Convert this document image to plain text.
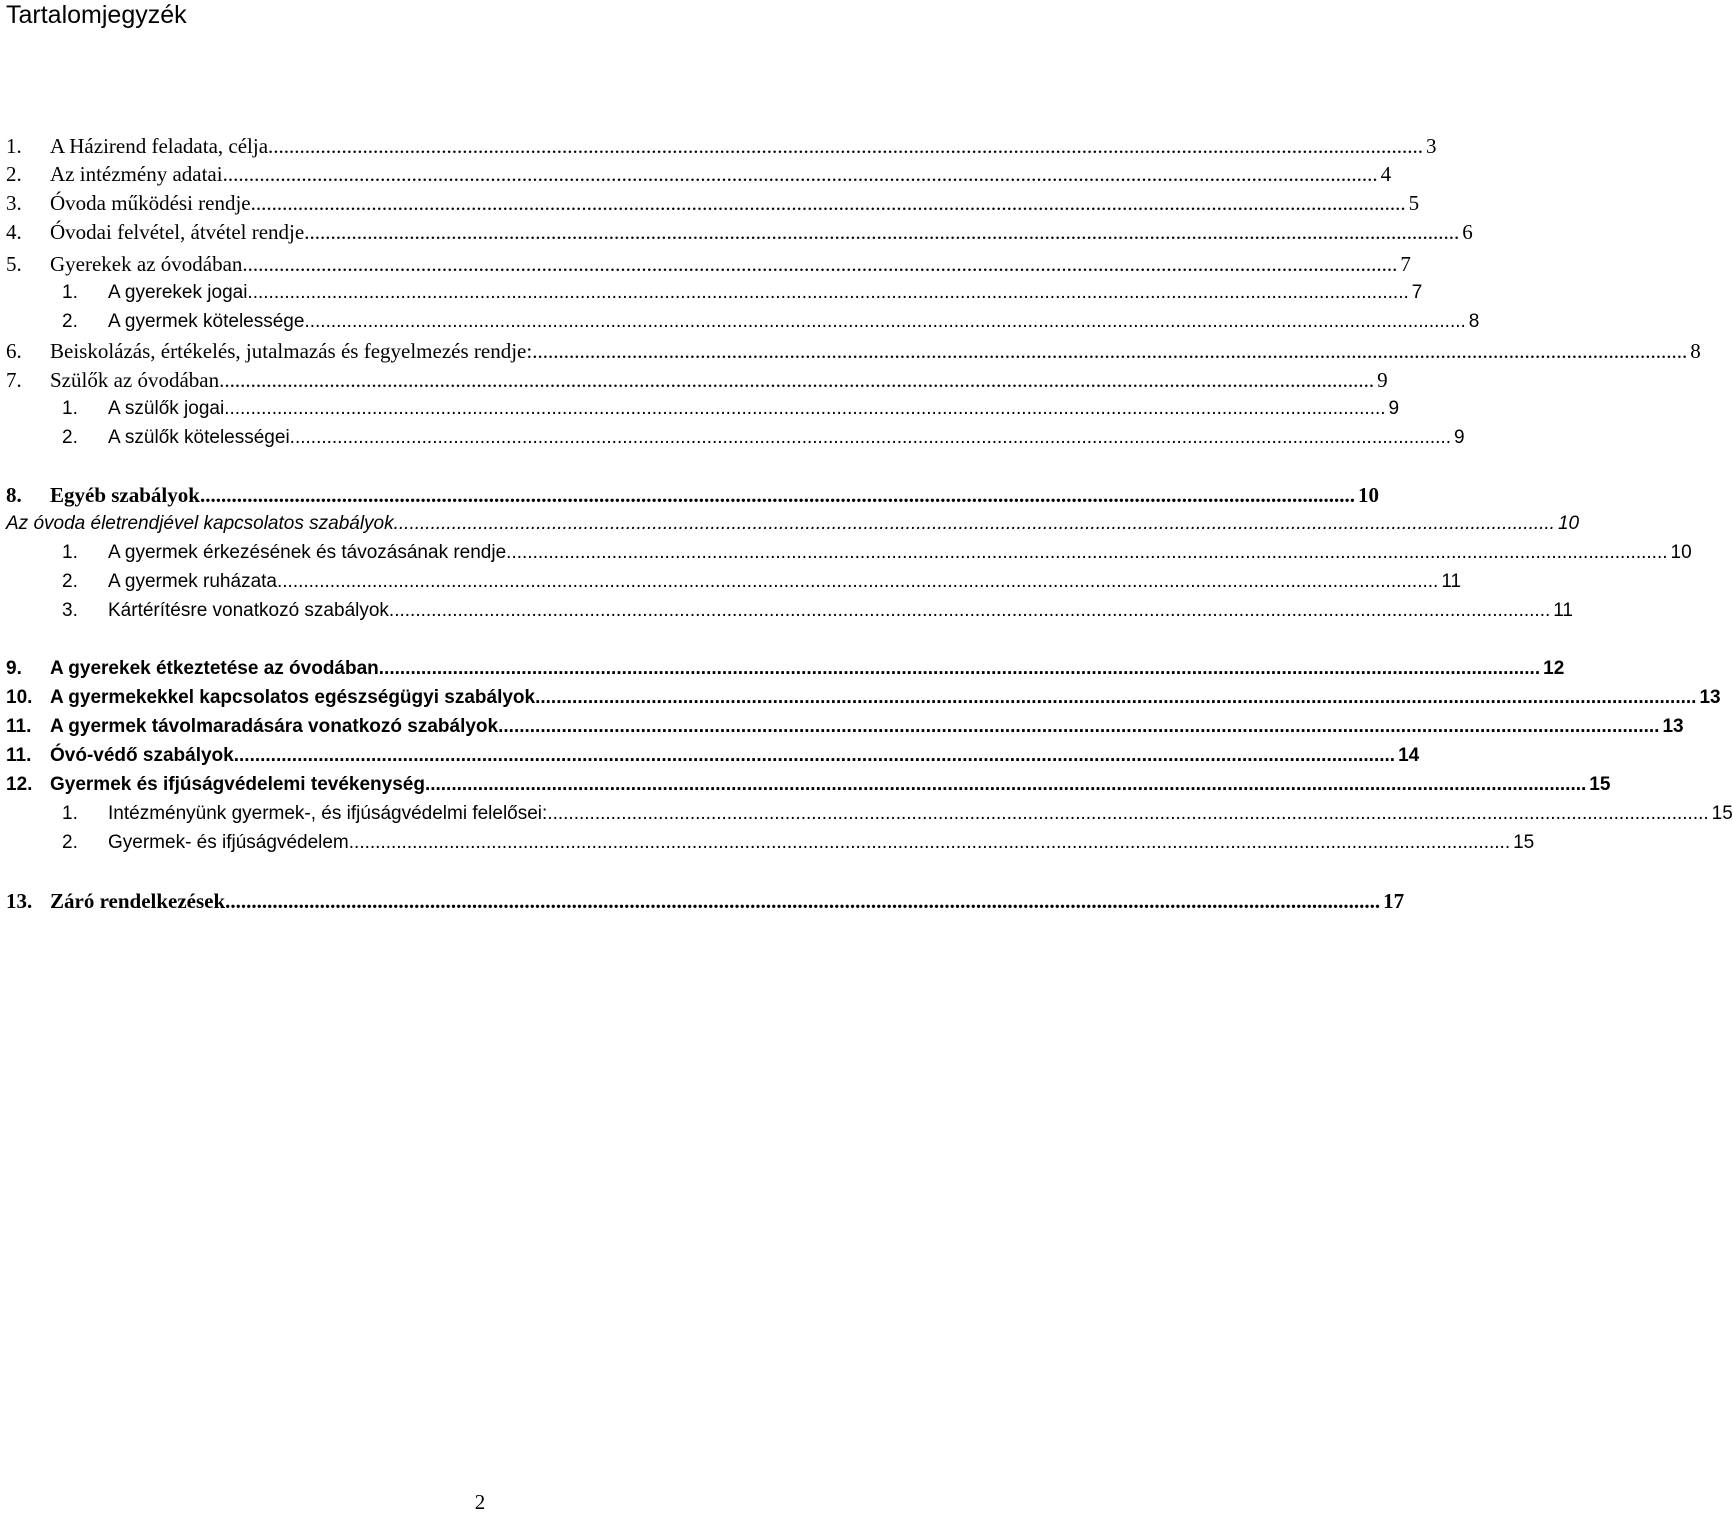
Tartalomjegyzék
1.	A Házirend feladata, célja ............................................................................................................................................................................................................................ 3
2.	Az intézmény adatai ............................................................................................................................................................................................................................ 4
3.	Óvoda működési rendje ............................................................................................................................................................................................................................ 5
4.	Óvodai felvétel, átvétel rendje ............................................................................................................................................................................................................................ 6
5.	Gyerekek az óvodában ............................................................................................................................................................................................................................ 7
1.	A gyerekek jogai ............................................................................................................................................................................................................................ 7
2.	A gyermek kötelessége ............................................................................................................................................................................................................................ 8
6.	Beiskolázás, értékelés, jutalmazás és fegyelmezés rendje: ............................................................................................................................................................................................................................ 8
7.	Szülők az óvodában ............................................................................................................................................................................................................................ 9
1.	A szülők jogai ............................................................................................................................................................................................................................ 9
2.	A szülők kötelességei ............................................................................................................................................................................................................................ 9
8.	Egyéb szabályok ............................................................................................................................................................................................................................ 10
Az óvoda életrendjével kapcsolatos szabályok ............................................................................................................................................................................................................................ 10
1.	A gyermek érkezésének és távozásának rendje ............................................................................................................................................................................................................................ 10
2.	A gyermek ruházata ............................................................................................................................................................................................................................ 11
3.	Kártérítésre vonatkozó szabályok ............................................................................................................................................................................................................................ 11
9.	A gyerekek étkeztetése az óvodában ............................................................................................................................................................................................................................ 12
10. A gyermekekkel kapcsolatos egészségügyi szabályok ............................................................................................................................................................................................................................ 13
11. A gyermek távolmaradására vonatkozó szabályok ............................................................................................................................................................................................................................ 13
11. Óvó-védő szabályok ............................................................................................................................................................................................................................ 14
12. Gyermek és ifjúságvédelemi tevékenység ............................................................................................................................................................................................................................ 15
1.	Intézményünk gyermek-, és ifjúságvédelmi felelősei: ............................................................................................................................................................................................................................ 15
2.	Gyermek- és ifjúságvédelem ............................................................................................................................................................................................................................ 15
13. Záró rendelkezések ............................................................................................................................................................................................................................ 17
2
